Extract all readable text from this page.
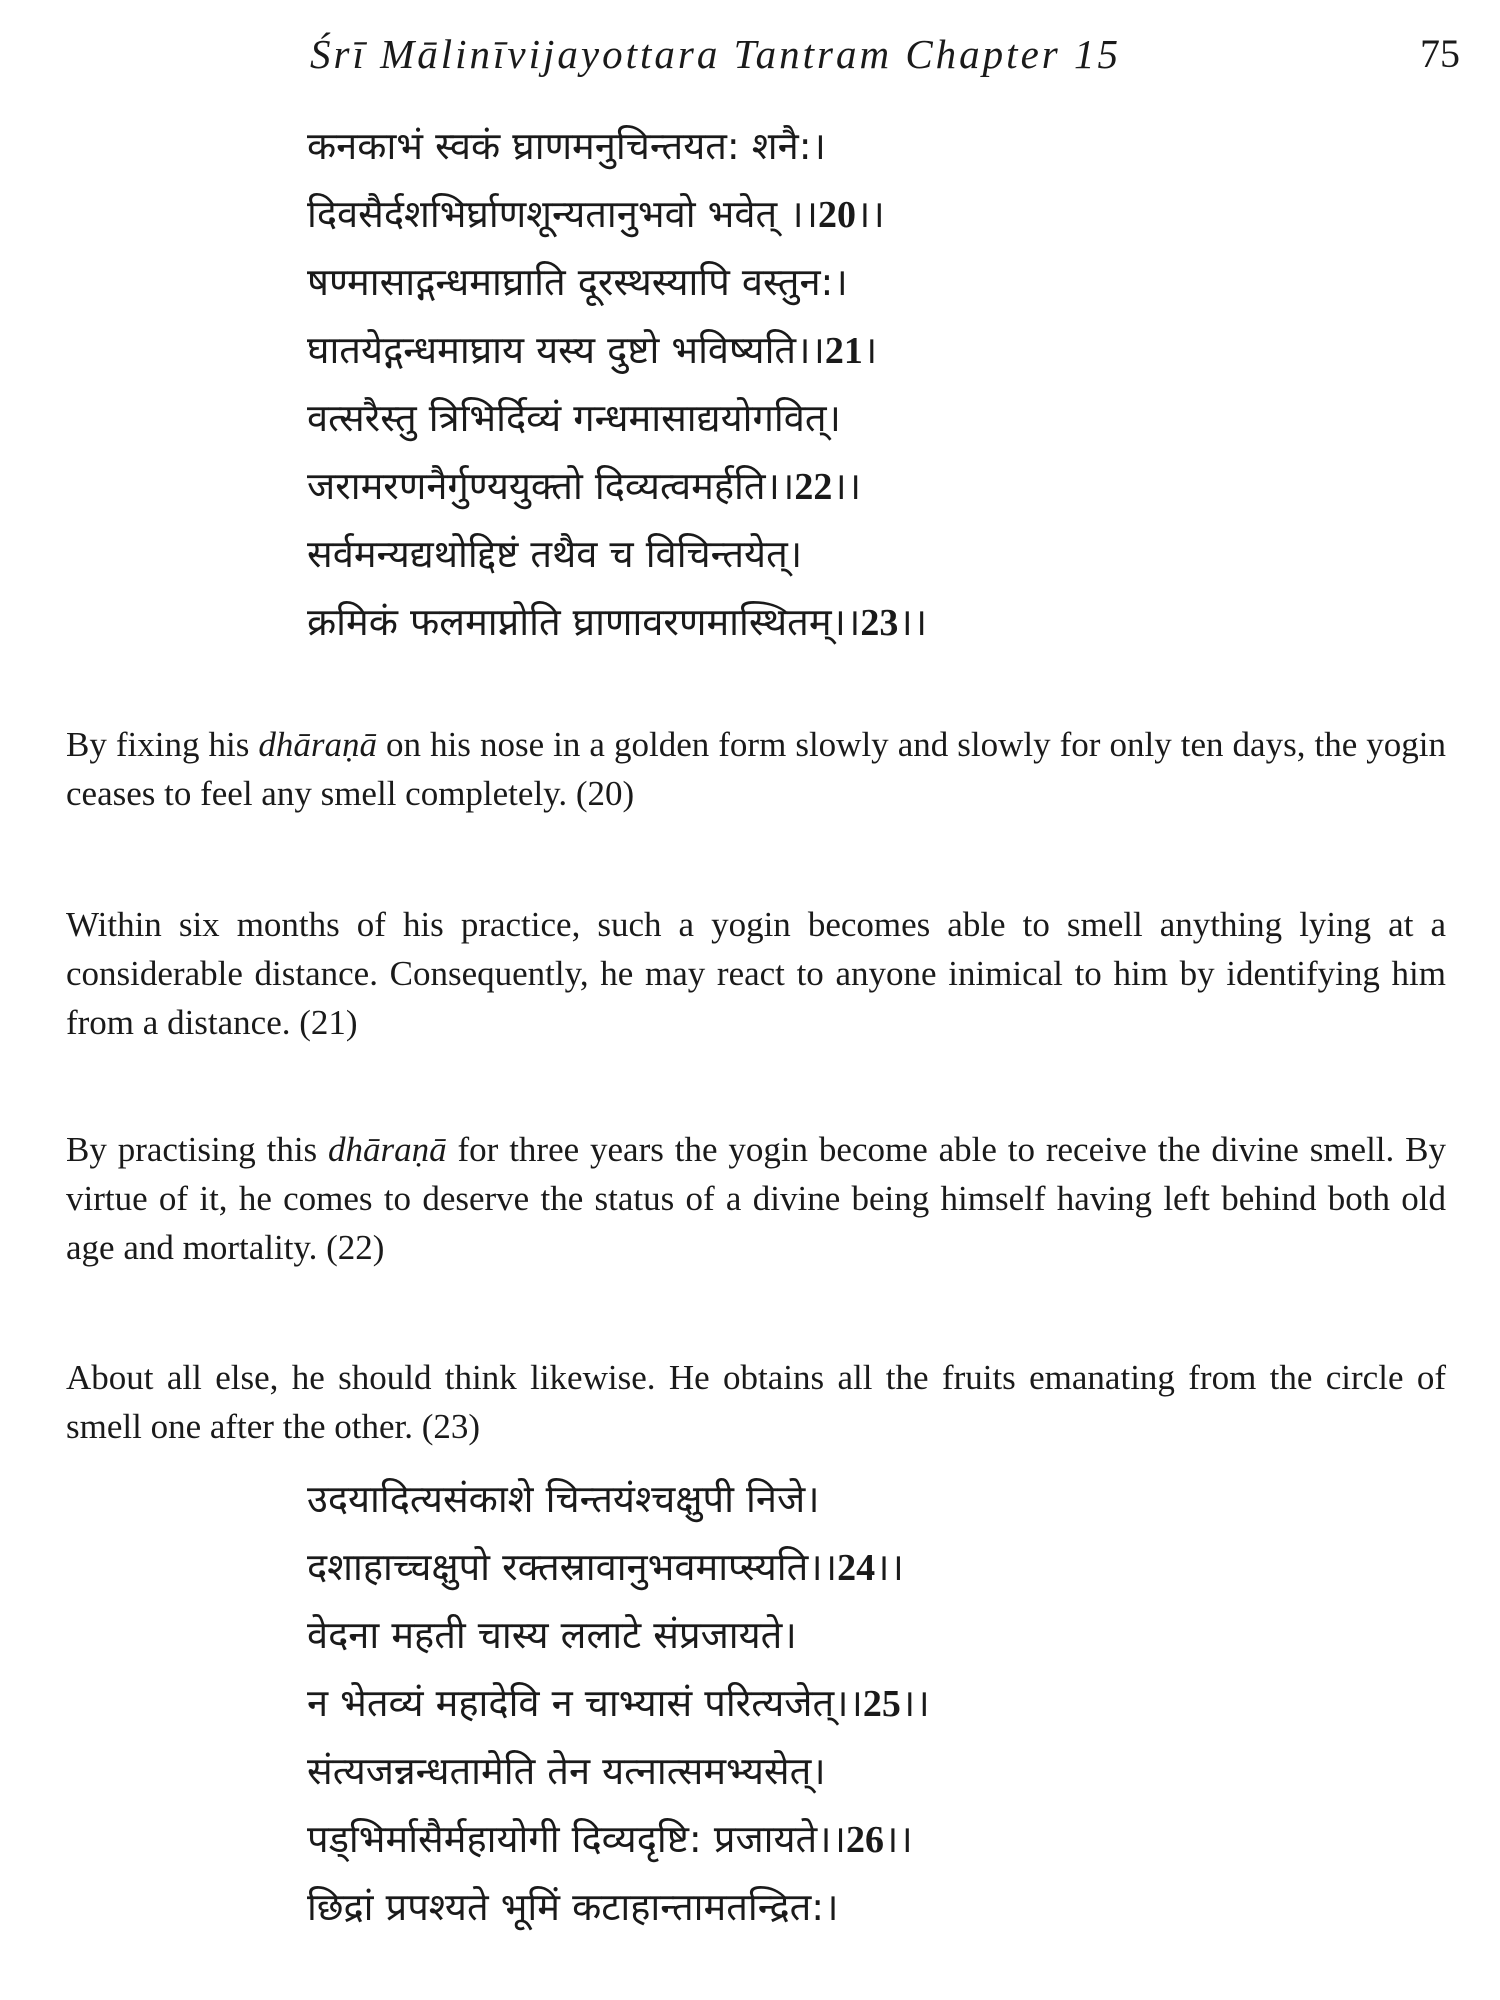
Śrī Mālinīvijayottara Tantram Chapter 15	75
कनकाभं स्वकं घ्राणमनुचिन्तयत: शनै:।
दिवसैर्दशभिर्घ्राणशून्यतानुभवो भवेत् ।।20।।
षण्मासाद्गन्धमाघ्राति दूरस्थस्यापि वस्तुन:।
घातयेद्गन्धमाघ्राय यस्य दुष्टो भविष्यति।।21।
वत्सरैस्तु त्रिभिर्दिव्यं गन्धमासाद्ययोगवित्।
जरामरणनैर्गुण्ययुक्तो दिव्यत्वमर्हति।।22।।
सर्वमन्यद्यथोद्दिष्टं तथैव च विचिन्तयेत्।
क्रमिकं फलमाप्नोति घ्राणावरणमास्थितम्।।23।।

By fixing his dhāraṇā on his nose in a golden form slowly and slowly for only ten days, the yogin ceases to feel any smell completely. (20)

Within six months of his practice, such a yogin becomes able to smell anything lying at a considerable distance. Consequently, he may react to anyone inimical to him by identifying him from a distance. (21)

By practising this dhāraṇā for three years the yogin become able to receive the divine smell. By virtue of it, he comes to deserve the status of a divine being himself having left behind both old age and mortality. (22)

About all else, he should think likewise. He obtains all the fruits emanating from the circle of smell one after the other. (23)

उदयादित्यसंकाशे चिन्तयंश्चक्षुपी निजे।
दशाहाच्चक्षुपो रक्तस्रावानुभवमाप्स्यति।।24।।
वेदना महती चास्य ललाटे संप्रजायते।
न भेतव्यं महादेवि न चाभ्यासं परित्यजेत्।।25।।
संत्यजन्नन्धतामेति तेन यत्नात्समभ्यसेत्।
पड्भिर्मासैर्महायोगी दिव्यदृष्टि: प्रजायते।।26।।
छिद्रां प्रपश्यते भूमिं कटाहान्तामतन्द्रित:।
